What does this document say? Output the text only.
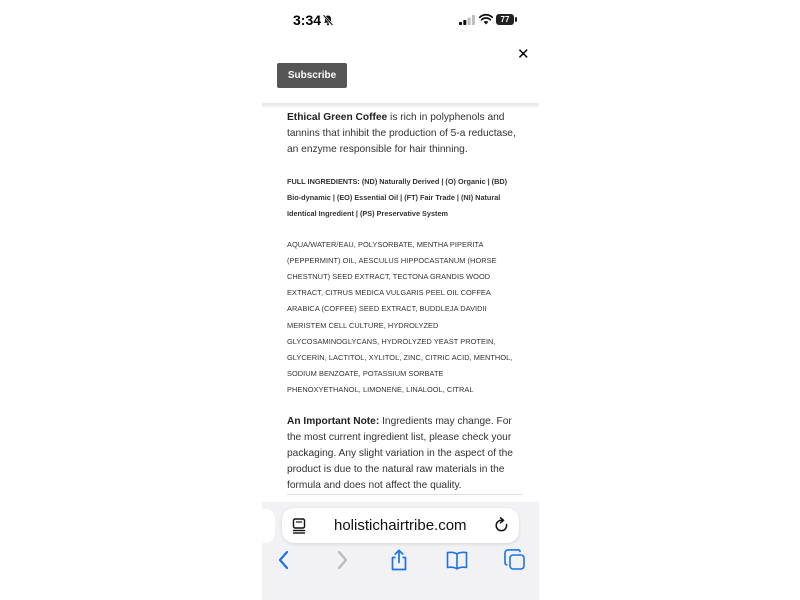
3:34	77
✕
Subscribe

Ethical Green Coffee is rich in polyphenols and tannins that inhibit the production of 5-a reductase, an enzyme responsible for hair thinning.

FULL INGREDIENTS: (ND) Naturally Derived | (O) Organic | (BD) Bio-dynamic | (EO) Essential Oil | (FT) Fair Trade | (NI) Natural Identical Ingredient | (PS) Preservative System

AQUA/WATER/EAU, POLYSORBATE, MENTHA PIPERITA (PEPPERMINT) OIL, AESCULUS HIPPOCASTANUM (HORSE CHESTNUT) SEED EXTRACT, TECTONA GRANDIS WOOD EXTRACT, CITRUS MEDICA VULGARIS PEEL OIL COFFEA ARABICA (COFFEE) SEED EXTRACT, BUDDLEJA DAVIDII MERISTEM CELL CULTURE, HYDROLYZED GLYCOSAMINOGLYCANS, HYDROLYZED YEAST PROTEIN, GLYCERIN, LACTITOL, XYLITOL, ZINC, CITRIC ACID, MENTHOL, SODIUM BENZOATE, POTASSIUM SORBATE PHENOXYETHANOL, LIMONENE, LINALOOL, CITRAL

An Important Note: Ingredients may change. For the most current ingredient list, please check your packaging. Any slight variation in the aspect of the product is due to the natural raw materials in the formula and does not affect the quality.

holistichairtribe.com
